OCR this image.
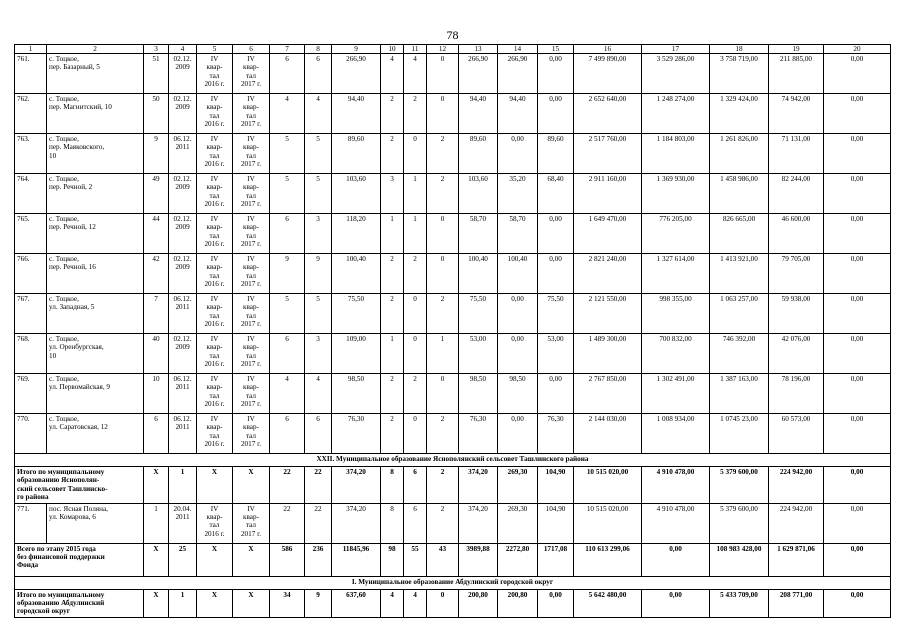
78
1	2	3	4	5	6	7	8	9	10	11	12	13	14	15	16	17	18	19	20
761.	с. Тоцкое,
пер. Базарный, 5	51	02.12.
2009	IV
квар-
тал
2016 г.	IV
квар-
тал
2017 г.	6	6	266,90	4	4	0	266,90	266,90	0,00	7 499 890,00	3 529 286,00	3 758 719,00	211 885,00	0,00
762.	с. Тоцкое,
пер. Магнитский, 10	50	02.12.
2009	IV
квар-
тал
2016 г.	IV
квар-
тал
2017 г.	4	4	94,40	2	2	0	94,40	94,40	0,00	2 652 640,00	1 248 274,00	1 329 424,00	74 942,00	0,00
763.	с. Тоцкое,
пер. Маяковского,
10	9	06.12.
2011	IV
квар-
тал
2016 г.	IV
квар-
тал
2017 г.	5	5	89,60	2	0	2	89,60	0,00	89,60	2 517 760,00	1 184 803,00	1 261 826,00	71 131,00	0,00
764.	с. Тоцкое,
пер. Речной, 2	49	02.12.
2009	IV
квар-
тал
2016 г.	IV
квар-
тал
2017 г.	5	5	103,60	3	1	2	103,60	35,20	68,40	2 911 160,00	1 369 930,00	1 458 986,00	82 244,00	0,00
765.	с. Тоцкое,
пер. Речной, 12	44	02.12.
2009	IV
квар-
тал
2016 г.	IV
квар-
тал
2017 г.	6	3	118,20	1	1	0	58,70	58,70	0,00	1 649 470,00	776 205,00	826 665,00	46 600,00	0,00
766.	с. Тоцкое,
пер. Речной, 16	42	02.12.
2009	IV
квар-
тал
2016 г.	IV
квар-
тал
2017 г.	9	9	100,40	2	2	0	100,40	100,40	0,00	2 821 240,00	1 327 614,00	1 413 921,00	79 705,00	0,00
767.	с. Тоцкое,
ул. Западная, 5	7	06.12.
2011	IV
квар-
тал
2016 г.	IV
квар-
тал
2017 г.	5	5	75,50	2	0	2	75,50	0,00	75,50	2 121 550,00	998 355,00	1 063 257,00	59 938,00	0,00
768.	с. Тоцкое,
ул. Оренбургская,
10	40	02.12.
2009	IV
квар-
тал
2016 г.	IV
квар-
тал
2017 г.	6	3	109,00	1	0	1	53,00	0,00	53,00	1 489 300,00	700 832,00	746 392,00	42 076,00	0,00
769.	с. Тоцкое,
ул. Первомайская, 9	10	06.12.
2011	IV
квар-
тал
2016 г.	IV
квар-
тал
2017 г.	4	4	98,50	2	2	0	98,50	98,50	0,00	2 767 850,00	1 302 491,00	1 387 163,00	78 196,00	0,00
770.	с. Тоцкое,
ул. Саратовская, 12	6	06.12.
2011	IV
квар-
тал
2016 г.	IV
квар-
тал
2017 г.	6	6	76,30	2	0	2	76,30	0,00	76,30	2 144 030,00	1 008 934,00	1 0745 23,00	60 573,00	0,00
XXII. Муниципальное образование Яснополянский сельсовет Ташлинского района																			
Итого по муниципальному
образованию Яснополян-
ский сельсовет Ташлинско-
го района		X	1	X	X	22	22	374,20	8	6	2	374,20	269,30	104,90	10 515 020,00	4 910 478,00	5 379 600,00	224 942,00	0,00
771.	пос. Ясная Поляна,
ул. Комарова, 6	1	20.04.
2011	IV
квар-
тал
2016 г.	IV
квар-
тал
2017 г.	22	22	374,20	8	6	2	374,20	269,30	104,90	10 515 020,00	4 910 478,00	5 379 600,00	224 942,00	0,00
Всего по этапу 2015 года
без финансовой поддержки
Фонда		X	25	X	X	586	236	11845,96	98	55	43	3989,88	2272,80	1717,08	110 613 299,06	0,00	108 983 428,00	1 629 871,06	0,00
I. Муниципальное образование Абдулинский городской округ																			
Итого по муниципальному
образованию Абдулинский
городской округ		X	1	X	X	34	9	637,60	4	4	0	200,80	200,80	0,00	5 642 480,00	0,00	5 433 709,00	208 771,00	0,00
